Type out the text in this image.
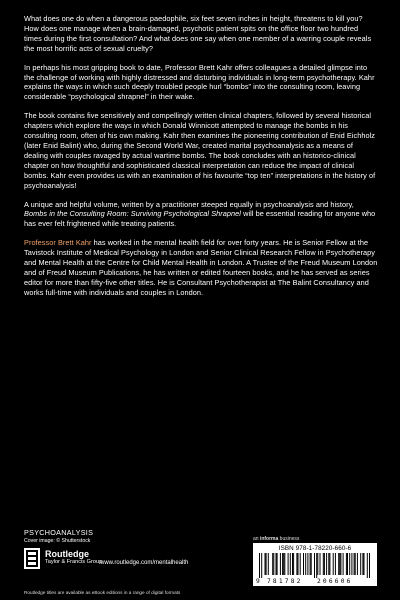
What does one do when a dangerous paedophile, six feet seven inches in height, threatens to kill you? How does one manage when a brain-damaged, psychotic patient spits on the office floor two hundred times during the first consultation? And what does one say when one member of a warring couple reveals the most horrific acts of sexual cruelty?

In perhaps his most gripping book to date, Professor Brett Kahr offers colleagues a detailed glimpse into the challenge of working with highly distressed and disturbing individuals in long-term psychotherapy. Kahr explains the ways in which such deeply troubled people hurl “bombs” into the consulting room, leaving considerable “psychological shrapnel” in their wake.

The book contains five sensitively and compellingly written clinical chapters, followed by several historical chapters which explore the ways in which Donald Winnicott attempted to manage the bombs in his consulting room, often of his own making. Kahr then examines the pioneering contribution of Enid Eichholz (later Enid Balint) who, during the Second World War, created marital psychoanalysis as a means of dealing with couples ravaged by actual wartime bombs. The book concludes with an historico-clinical chapter on how thoughtful and sophisticated classical interpretation can reduce the impact of clinical bombs. Kahr even provides us with an examination of his favourite “top ten” interpretations in the history of psychoanalysis!

A unique and helpful volume, written by a practitioner steeped equally in psychoanalysis and history, Bombs in the Consulting Room: Surviving Psychological Shrapnel will be essential reading for anyone who has ever felt frightened while treating patients.

Professor Brett Kahr has worked in the mental health field for over forty years. He is Senior Fellow at the Tavistock Institute of Medical Psychology in London and Senior Clinical Research Fellow in Psychotherapy and Mental Health at the Centre for Child Mental Health in London. A Trustee of the Freud Museum London and of Freud Museum Publications, he has written or edited fourteen books, and he has served as series editor for more than fifty-five other titles. He is Consultant Psychotherapist at The Balint Consultancy and works full-time with individuals and couples in London.

PSYCHOANALYSIS
Cover image: © Shutterstock
Routledge
Taylor & Francis Group
www.routledge.com/mentalhealth
an informa business
ISBN 978-1-78220-660-6
9 781782 206606
Routledge titles are available as eBook editions in a range of digital formats
